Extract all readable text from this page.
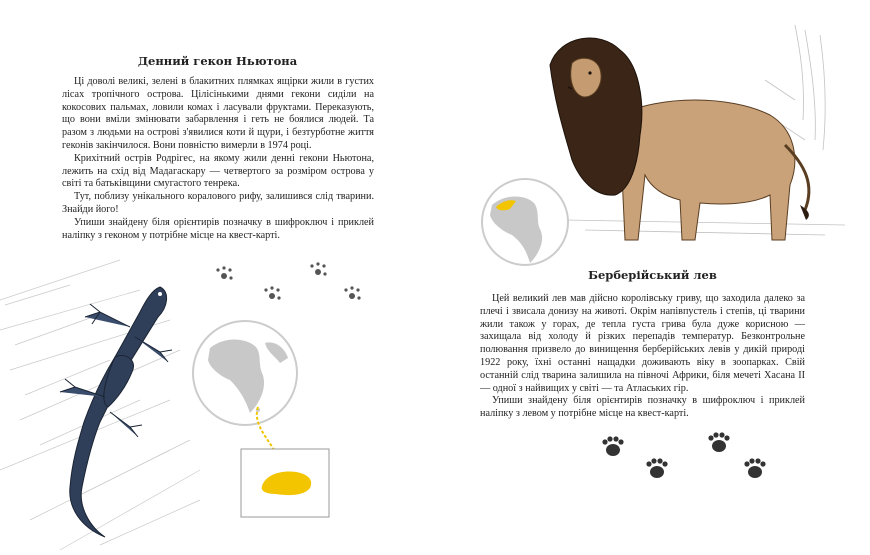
Денний гекон Ньютона

Ці доволі великі, зелені в блакитних плямках ящірки жили в густих лісах тропічного острова. Цілісінькими днями гекони сиділи на кокосових пальмах, ловили комах і ласували фруктами. Переказують, що вони вміли змінювати забарвлення і геть не боялися людей. Та разом з людьми на острові з'явилися коти й щури, і безтурботне життя геконів закінчилося. Вони повністю вимерли в 1974 році.

Крихітний острів Родрігес, на якому жили денні гекони Ньютона, лежить на схід від Мадагаскару — четвертого за розміром острова у світі та батьківщини смугастого тенрека.

Тут, поблизу унікального коралового рифу, залишився слід тварини. Знайди його!

Упиши знайдену біля орієнтирів позначку в шифроключ і приклей наліпку з геконом у потрібне місце на квест-карті.

Берберійський лев

Цей великий лев мав дійсно королівську гриву, що заходила далеко за плечі і звисала донизу на животі. Окрім напівпустель і степів, ці тварини жили також у горах, де тепла густа грива була дуже корисною — захищала від холоду й різких перепадів температур. Безконтрольне полювання призвело до винищення берберійських левів у дикій природі 1922 року, їхні останні нащадки доживають віку в зоопарках. Свій останній слід тварина залишила на півночі Африки, біля мечеті Хасана II — одної з найвищих у світі — та Атлаських гір.

Упиши знайдену біля орієнтирів позначку в шифроключ і приклей наліпку з левом у потрібне місце на квест-карті.
